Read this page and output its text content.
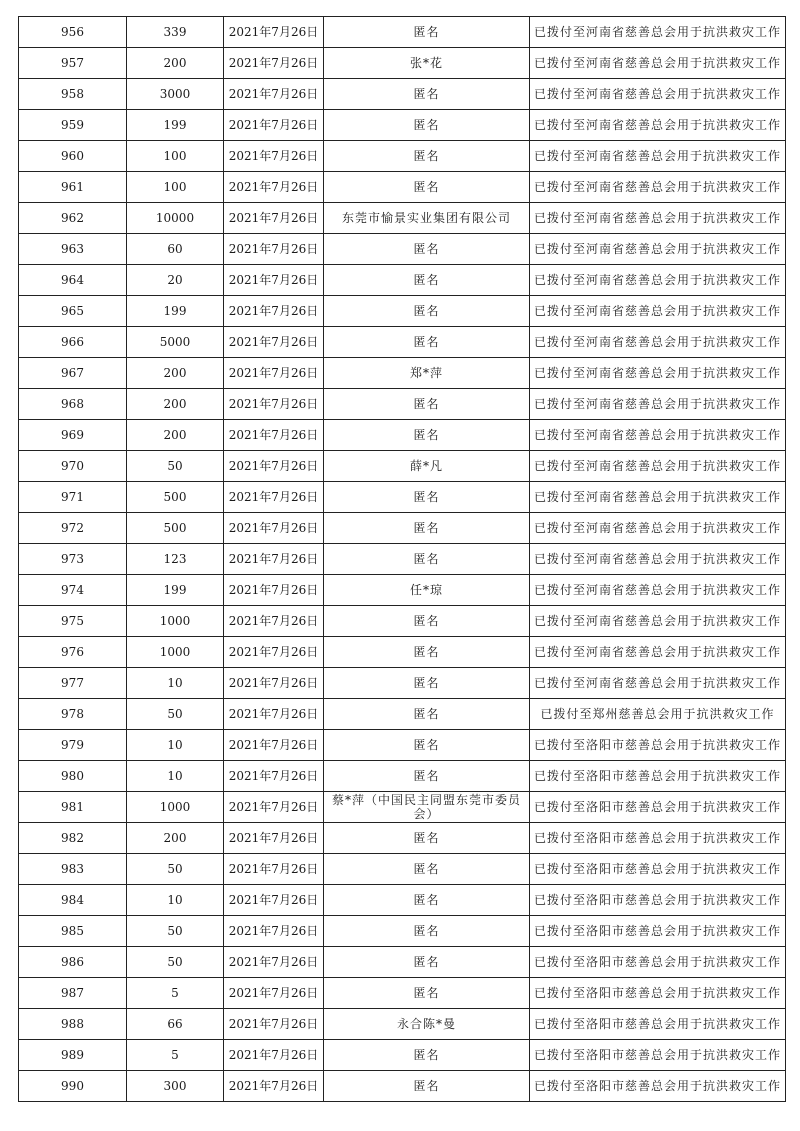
956	339	2021年7月26日	匿名	已拨付至河南省慈善总会用于抗洪救灾工作
957	200	2021年7月26日	张*花	已拨付至河南省慈善总会用于抗洪救灾工作
958	3000	2021年7月26日	匿名	已拨付至河南省慈善总会用于抗洪救灾工作
959	199	2021年7月26日	匿名	已拨付至河南省慈善总会用于抗洪救灾工作
960	100	2021年7月26日	匿名	已拨付至河南省慈善总会用于抗洪救灾工作
961	100	2021年7月26日	匿名	已拨付至河南省慈善总会用于抗洪救灾工作
962	10000	2021年7月26日	东莞市愉景实业集团有限公司	已拨付至河南省慈善总会用于抗洪救灾工作
963	60	2021年7月26日	匿名	已拨付至河南省慈善总会用于抗洪救灾工作
964	20	2021年7月26日	匿名	已拨付至河南省慈善总会用于抗洪救灾工作
965	199	2021年7月26日	匿名	已拨付至河南省慈善总会用于抗洪救灾工作
966	5000	2021年7月26日	匿名	已拨付至河南省慈善总会用于抗洪救灾工作
967	200	2021年7月26日	郑*萍	已拨付至河南省慈善总会用于抗洪救灾工作
968	200	2021年7月26日	匿名	已拨付至河南省慈善总会用于抗洪救灾工作
969	200	2021年7月26日	匿名	已拨付至河南省慈善总会用于抗洪救灾工作
970	50	2021年7月26日	薛*凡	已拨付至河南省慈善总会用于抗洪救灾工作
971	500	2021年7月26日	匿名	已拨付至河南省慈善总会用于抗洪救灾工作
972	500	2021年7月26日	匿名	已拨付至河南省慈善总会用于抗洪救灾工作
973	123	2021年7月26日	匿名	已拨付至河南省慈善总会用于抗洪救灾工作
974	199	2021年7月26日	任*琼	已拨付至河南省慈善总会用于抗洪救灾工作
975	1000	2021年7月26日	匿名	已拨付至河南省慈善总会用于抗洪救灾工作
976	1000	2021年7月26日	匿名	已拨付至河南省慈善总会用于抗洪救灾工作
977	10	2021年7月26日	匿名	已拨付至河南省慈善总会用于抗洪救灾工作
978	50	2021年7月26日	匿名	已拨付至郑州慈善总会用于抗洪救灾工作
979	10	2021年7月26日	匿名	已拨付至洛阳市慈善总会用于抗洪救灾工作
980	10	2021年7月26日	匿名	已拨付至洛阳市慈善总会用于抗洪救灾工作
981	1000	2021年7月26日	蔡*萍（中国民主同盟东莞市委员会）	已拨付至洛阳市慈善总会用于抗洪救灾工作
982	200	2021年7月26日	匿名	已拨付至洛阳市慈善总会用于抗洪救灾工作
983	50	2021年7月26日	匿名	已拨付至洛阳市慈善总会用于抗洪救灾工作
984	10	2021年7月26日	匿名	已拨付至洛阳市慈善总会用于抗洪救灾工作
985	50	2021年7月26日	匿名	已拨付至洛阳市慈善总会用于抗洪救灾工作
986	50	2021年7月26日	匿名	已拨付至洛阳市慈善总会用于抗洪救灾工作
987	5	2021年7月26日	匿名	已拨付至洛阳市慈善总会用于抗洪救灾工作
988	66	2021年7月26日	永合陈*曼	已拨付至洛阳市慈善总会用于抗洪救灾工作
989	5	2021年7月26日	匿名	已拨付至洛阳市慈善总会用于抗洪救灾工作
990	300	2021年7月26日	匿名	已拨付至洛阳市慈善总会用于抗洪救灾工作
